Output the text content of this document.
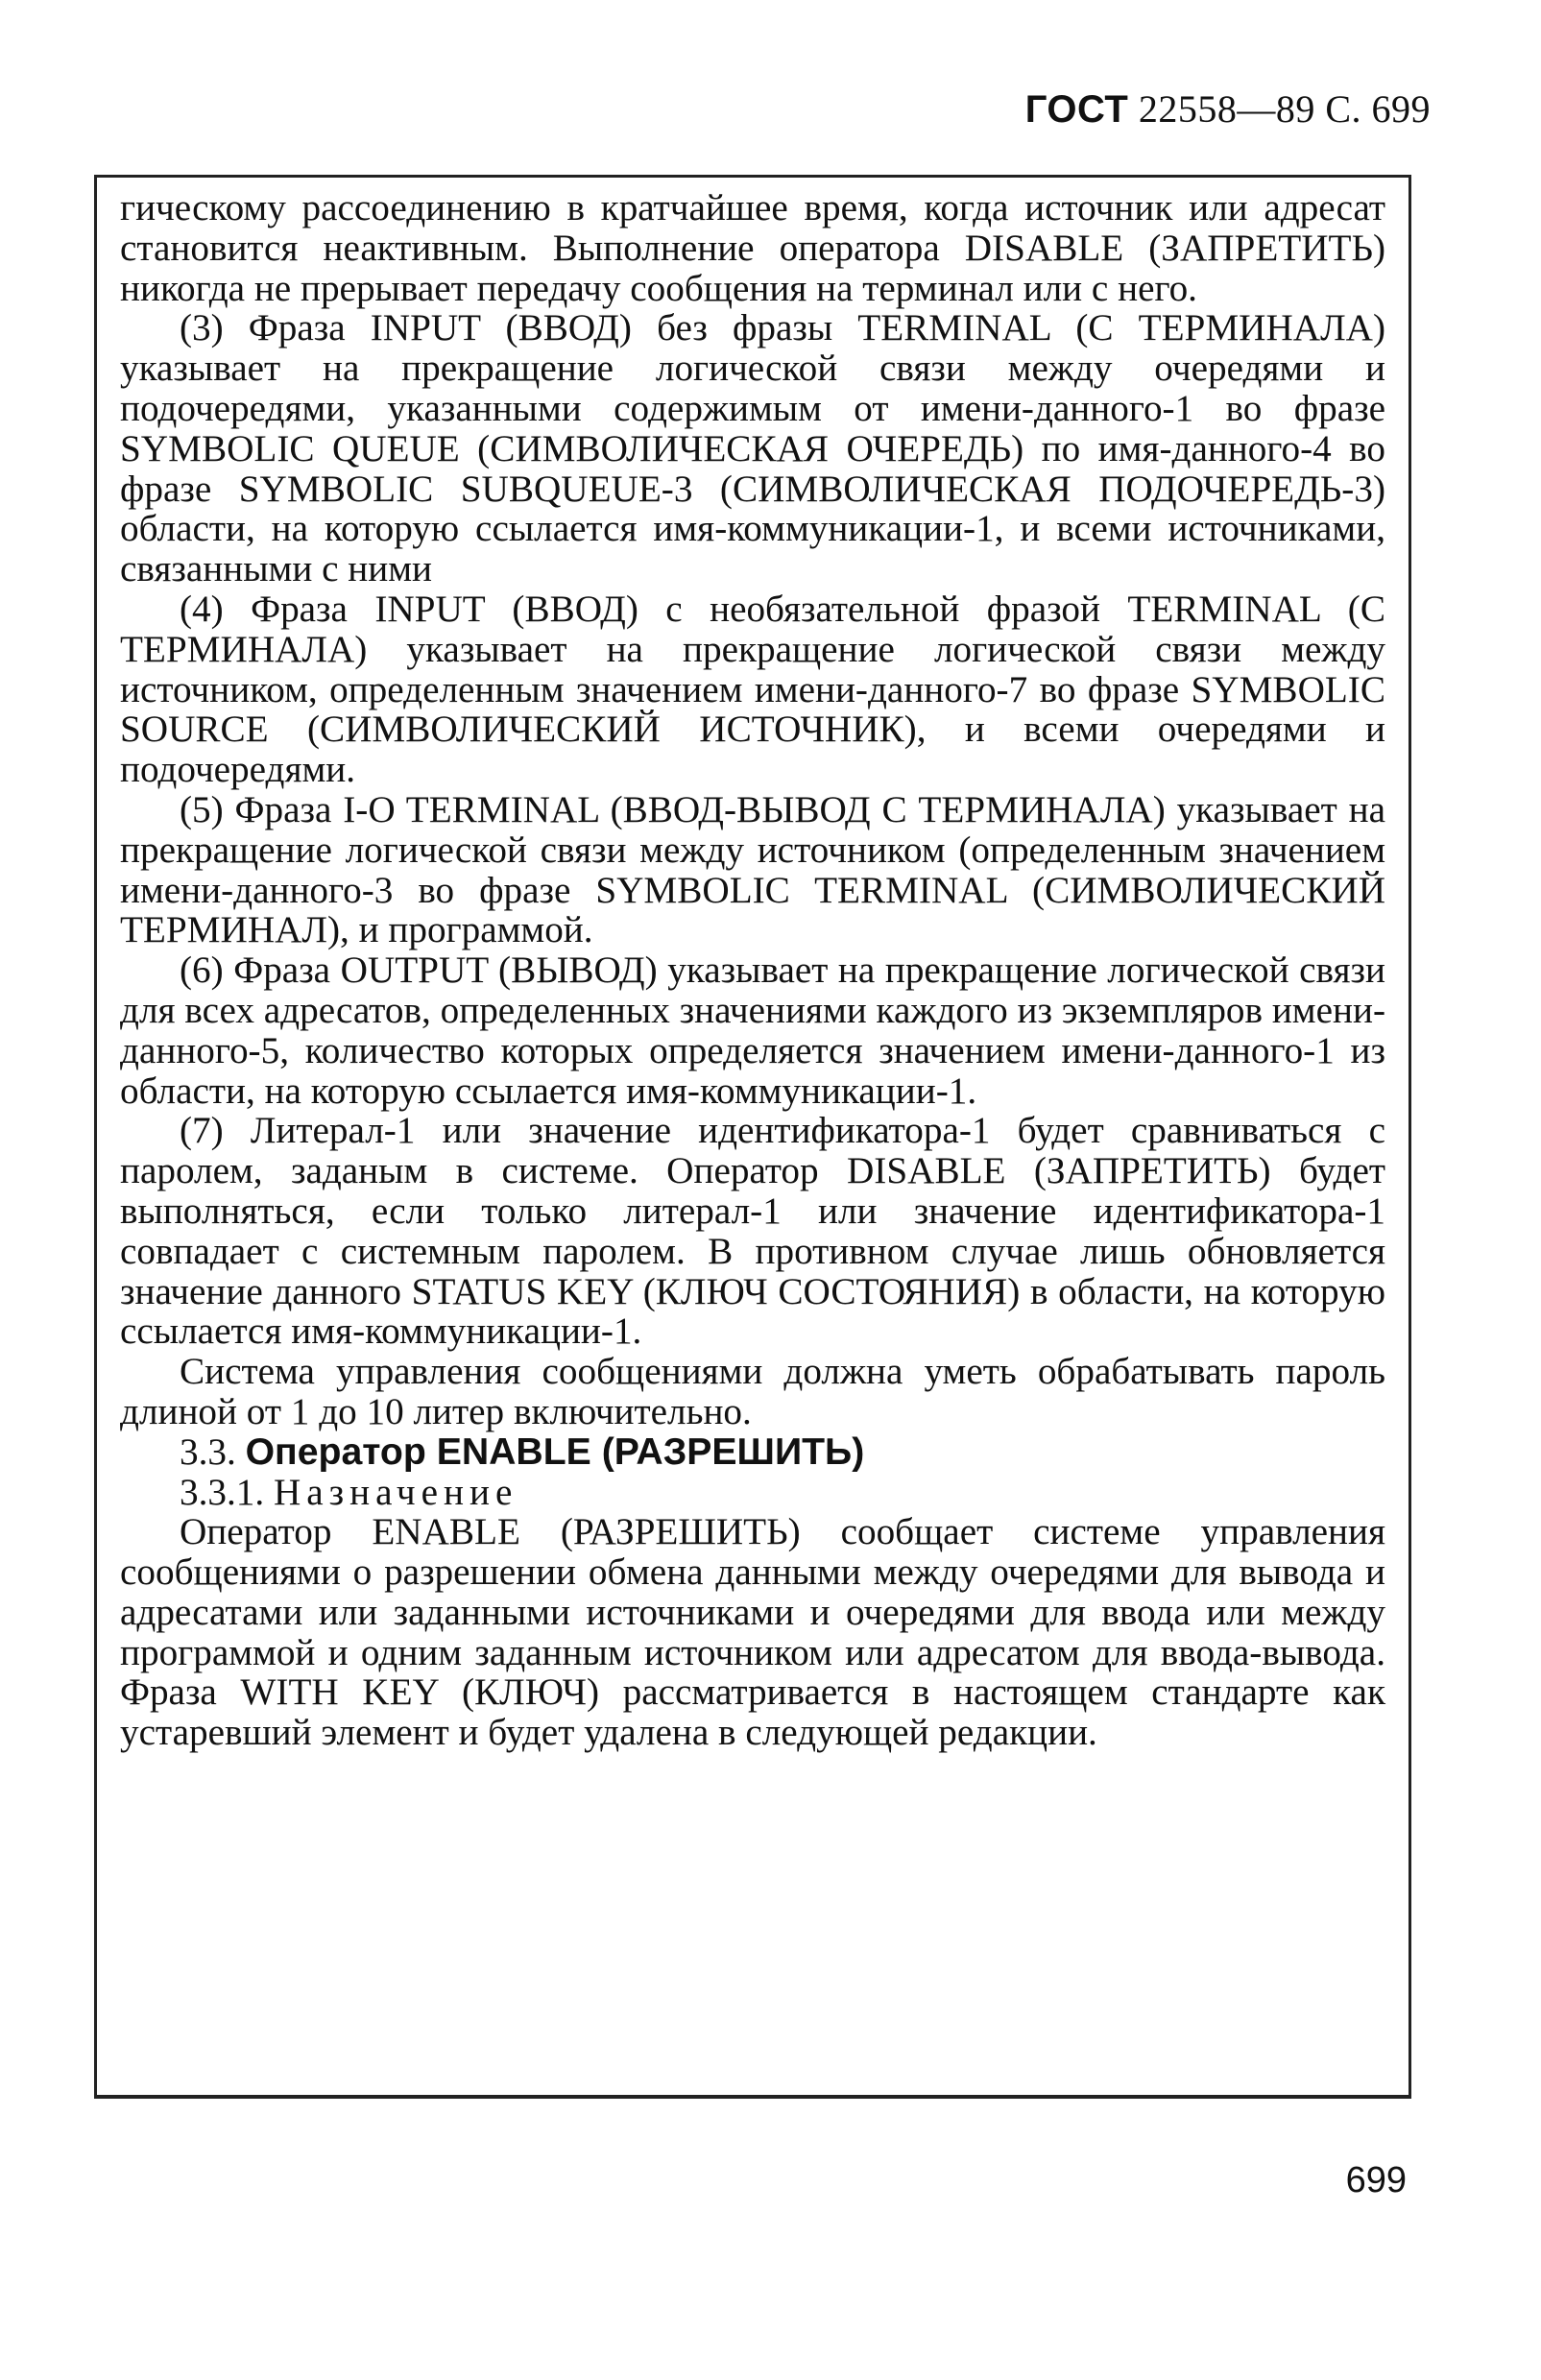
ГОСТ 22558—89 С. 699

гическому рассоединению в кратчайшее время, когда источник или адресат становится неактивным. Выполнение оператора DISABLE (ЗАПРЕТИТЬ) никогда не прерывает передачу сообщения на терминал или с него.

(3) Фраза INPUT (ВВОД) без фразы TERMINAL (С ТЕРМИНАЛА) указывает на прекращение логической связи между очередями и подочередями, указанными содержимым от имени-данного-1 во фразе SYMBOLIC QUEUE (СИМВОЛИЧЕСКАЯ ОЧЕРЕДЬ) по имя-данного-4 во фразе SYMBOLIC SUBQUEUE-3 (СИМВОЛИЧЕСКАЯ ПОДОЧЕРЕДЬ-3) области, на которую ссылается имя-коммуникации-1, и всеми источниками, связанными с ними

(4) Фраза INPUT (ВВОД) с необязательной фразой TERMINAL (С ТЕРМИНАЛА) указывает на прекращение логической связи между источником, определенным значением имени-данного-7 во фразе SYMBOLIC SOURCE (СИМВОЛИЧЕСКИЙ ИСТОЧНИК), и всеми очередями и подочередями.

(5) Фраза I-O TERMINAL (ВВОД-ВЫВОД С ТЕРМИНАЛА) указывает на прекращение логической связи между источником (определенным значением имени-данного-3 во фразе SYMBOLIC TERMINAL (СИМВОЛИЧЕСКИЙ ТЕРМИНАЛ), и программой.

(6) Фраза OUTPUT (ВЫВОД) указывает на прекращение логической связи для всех адресатов, определенных значениями каждого из экземпляров имени-данного-5, количество которых определяется значением имени-данного-1 из области, на которую ссылается имя-коммуникации-1.

(7) Литерал-1 или значение идентификатора-1 будет сравниваться с паролем, заданым в системе. Оператор DISABLE (ЗАПРЕТИТЬ) будет выполняться, если только литерал-1 или значение идентификатора-1 совпадает с системным паролем. В противном случае лишь обновляется значение данного STATUS KEY (КЛЮЧ СОСТОЯНИЯ) в области, на которую ссылается имя-коммуникации-1.

Система управления сообщениями должна уметь обрабатывать пароль длиной от 1 до 10 литер включительно.

3.3. Оператор ENABLE (РАЗРЕШИТЬ)

3.3.1. Назначение

Оператор ENABLE (РАЗРЕШИТЬ) сообщает системе управления сообщениями о разрешении обмена данными между очередями для вывода и адресатами или заданными источниками и очередями для ввода или между программой и одним заданным источником или адресатом для ввода-вывода. Фраза WITH KEY (КЛЮЧ) рассматривается в настоящем стандарте как устаревший элемент и будет удалена в следующей редакции.

699
